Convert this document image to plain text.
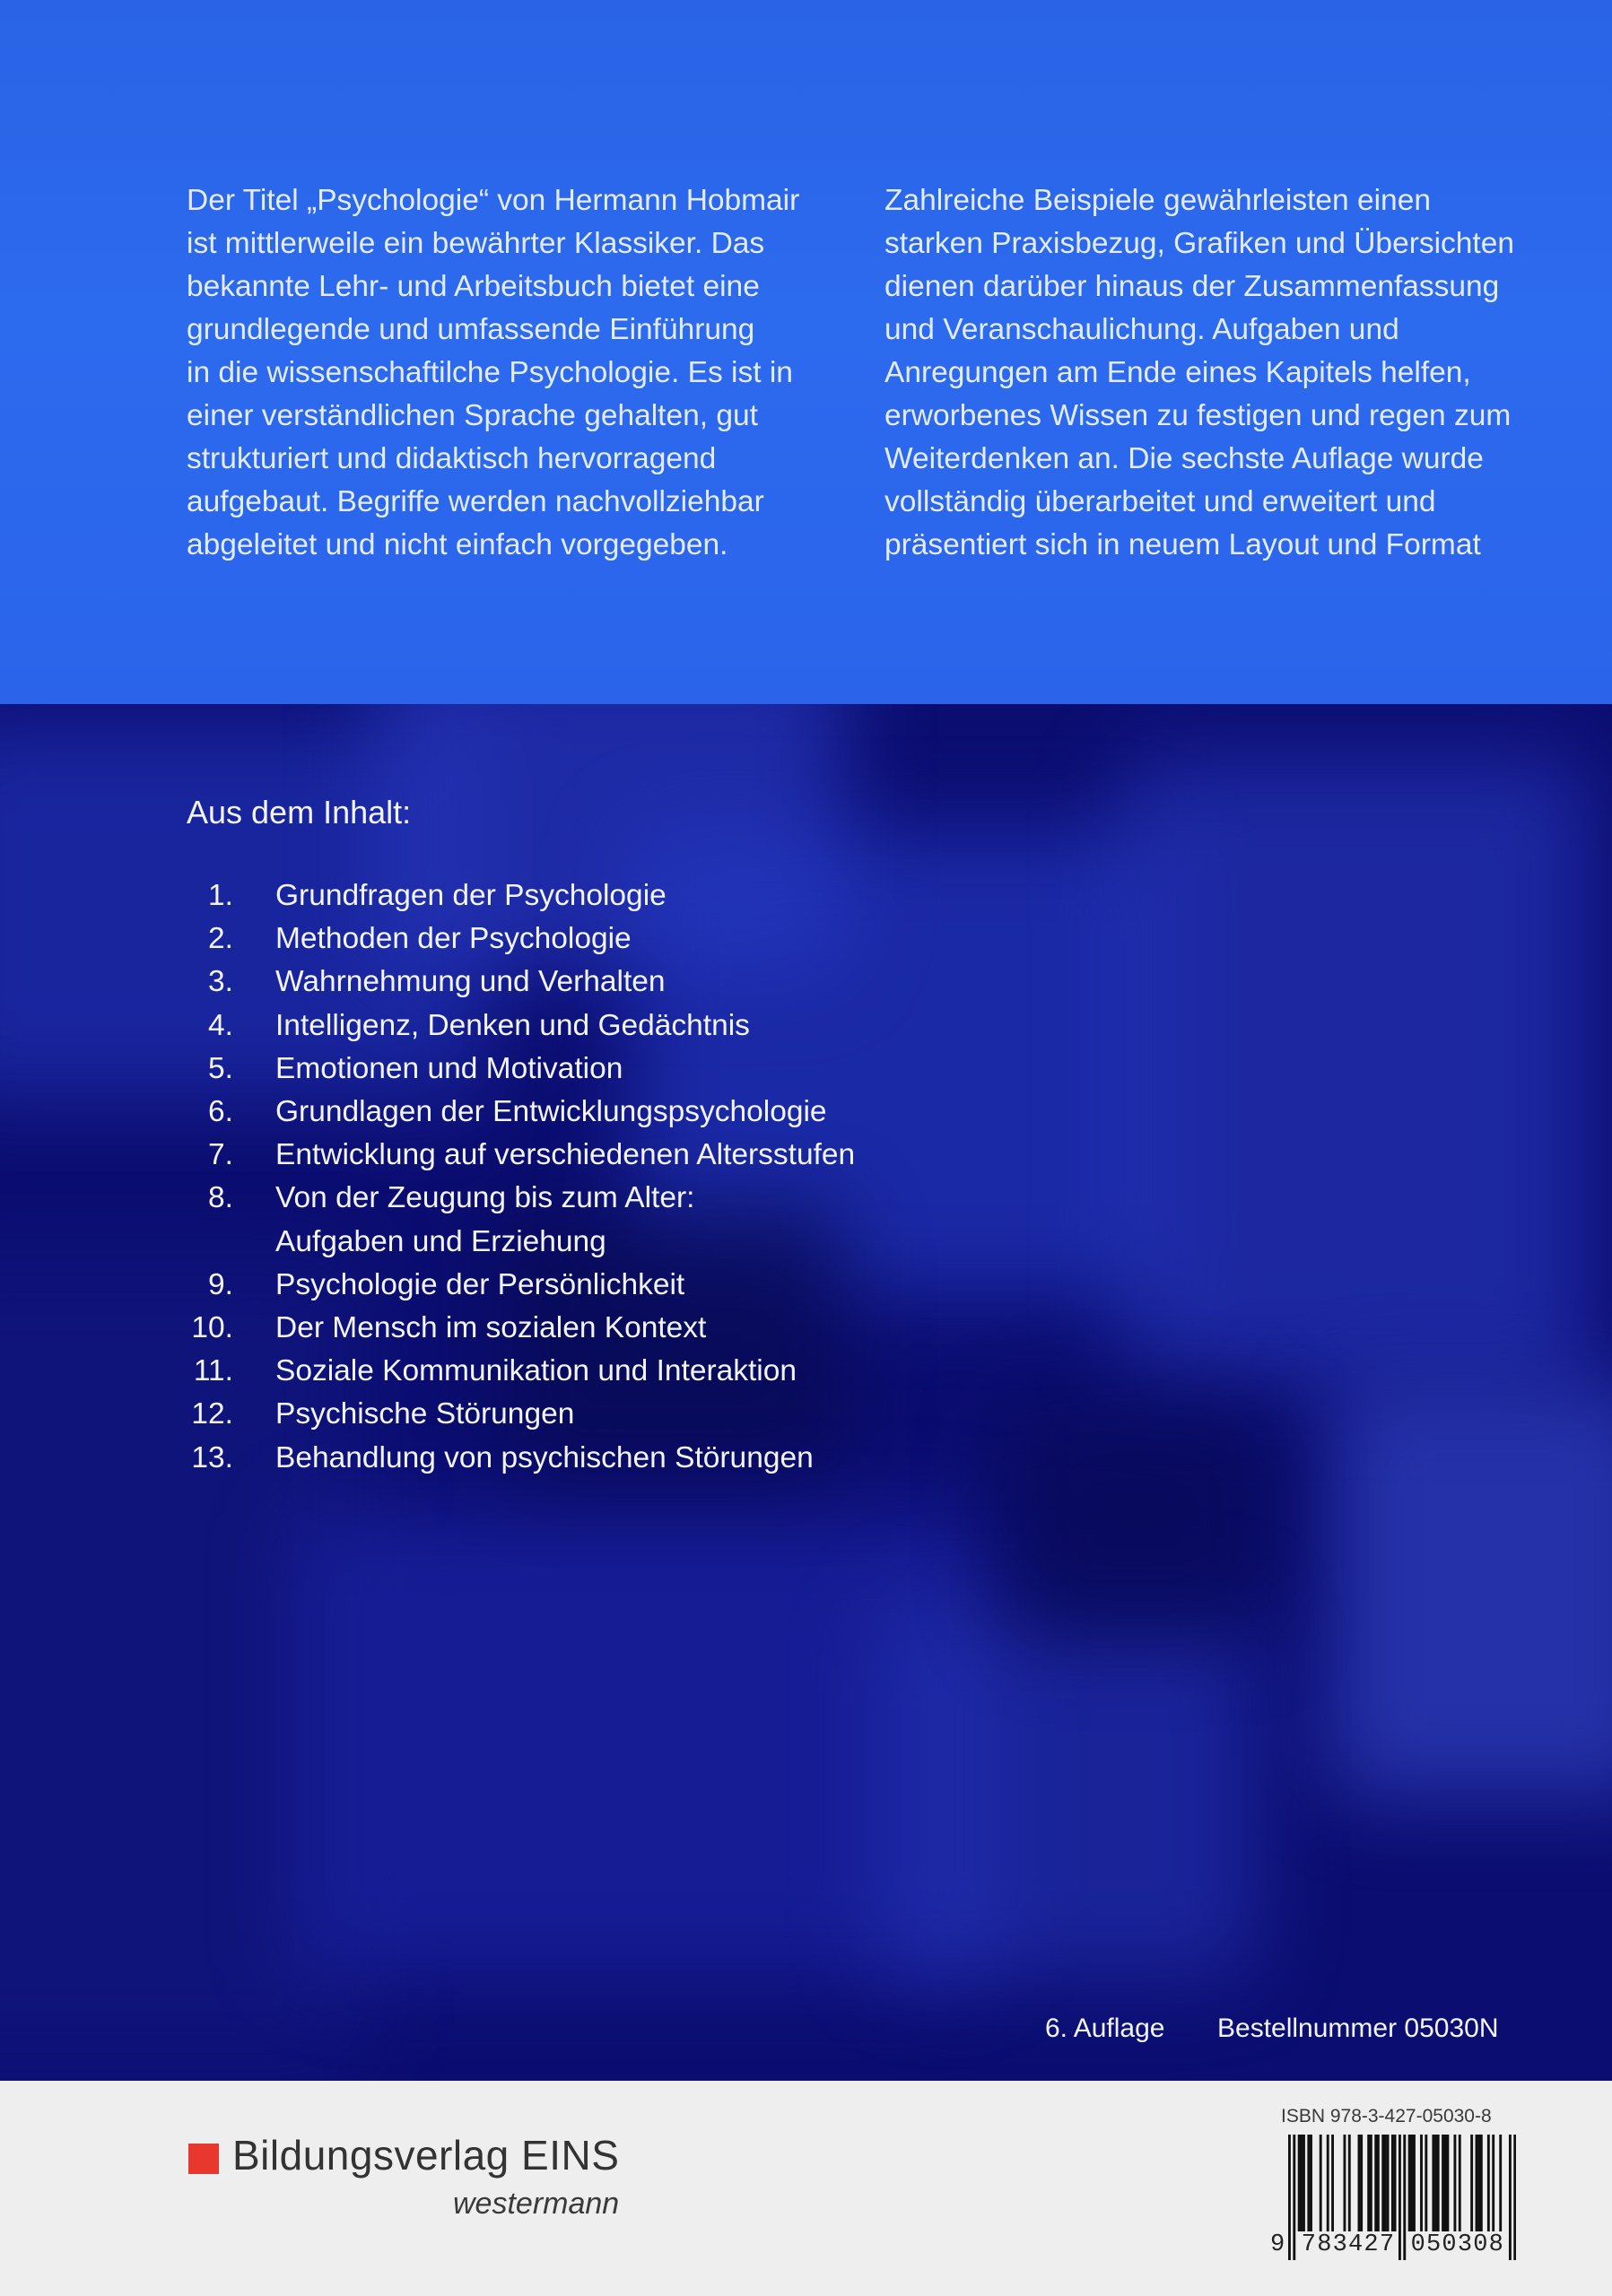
Der Titel „Psychologie“ von Hermann Hobmair
ist mittlerweile ein bewährter Klassiker. Das
bekannte Lehr- und Arbeitsbuch bietet eine
grundlegende und umfassende Einführung
in die wissenschaftilche Psychologie. Es ist in
einer verständlichen Sprache gehalten, gut
strukturiert und didaktisch hervorragend
aufgebaut. Begriffe werden nachvollziehbar
abgeleitet und nicht einfach vorgegeben.

Zahlreiche Beispiele gewährleisten einen
starken Praxisbezug, Grafiken und Übersichten
dienen darüber hinaus der Zusammenfassung
und Veranschaulichung. Aufgaben und
Anregungen am Ende eines Kapitels helfen,
erworbenes Wissen zu festigen und regen zum
Weiterdenken an. Die sechste Auflage wurde
vollständig überarbeitet und erweitert und
präsentiert sich in neuem Layout und Format

Aus dem Inhalt:
1. Grundfragen der Psychologie
2. Methoden der Psychologie
3. Wahrnehmung und Verhalten
4. Intelligenz, Denken und Gedächtnis
5. Emotionen und Motivation
6. Grundlagen der Entwicklungspsychologie
7. Entwicklung auf verschiedenen Altersstufen
8. Von der Zeugung bis zum Alter:
Aufgaben und Erziehung
9. Psychologie der Persönlichkeit
10. Der Mensch im sozialen Kontext
11. Soziale Kommunikation und Interaktion
12. Psychische Störungen
13. Behandlung von psychischen Störungen
6. Auflage Bestellnummer 05030N
Bildungsverlag EINS
westermann
ISBN 978-3-427-05030-8
9 783427 050308
